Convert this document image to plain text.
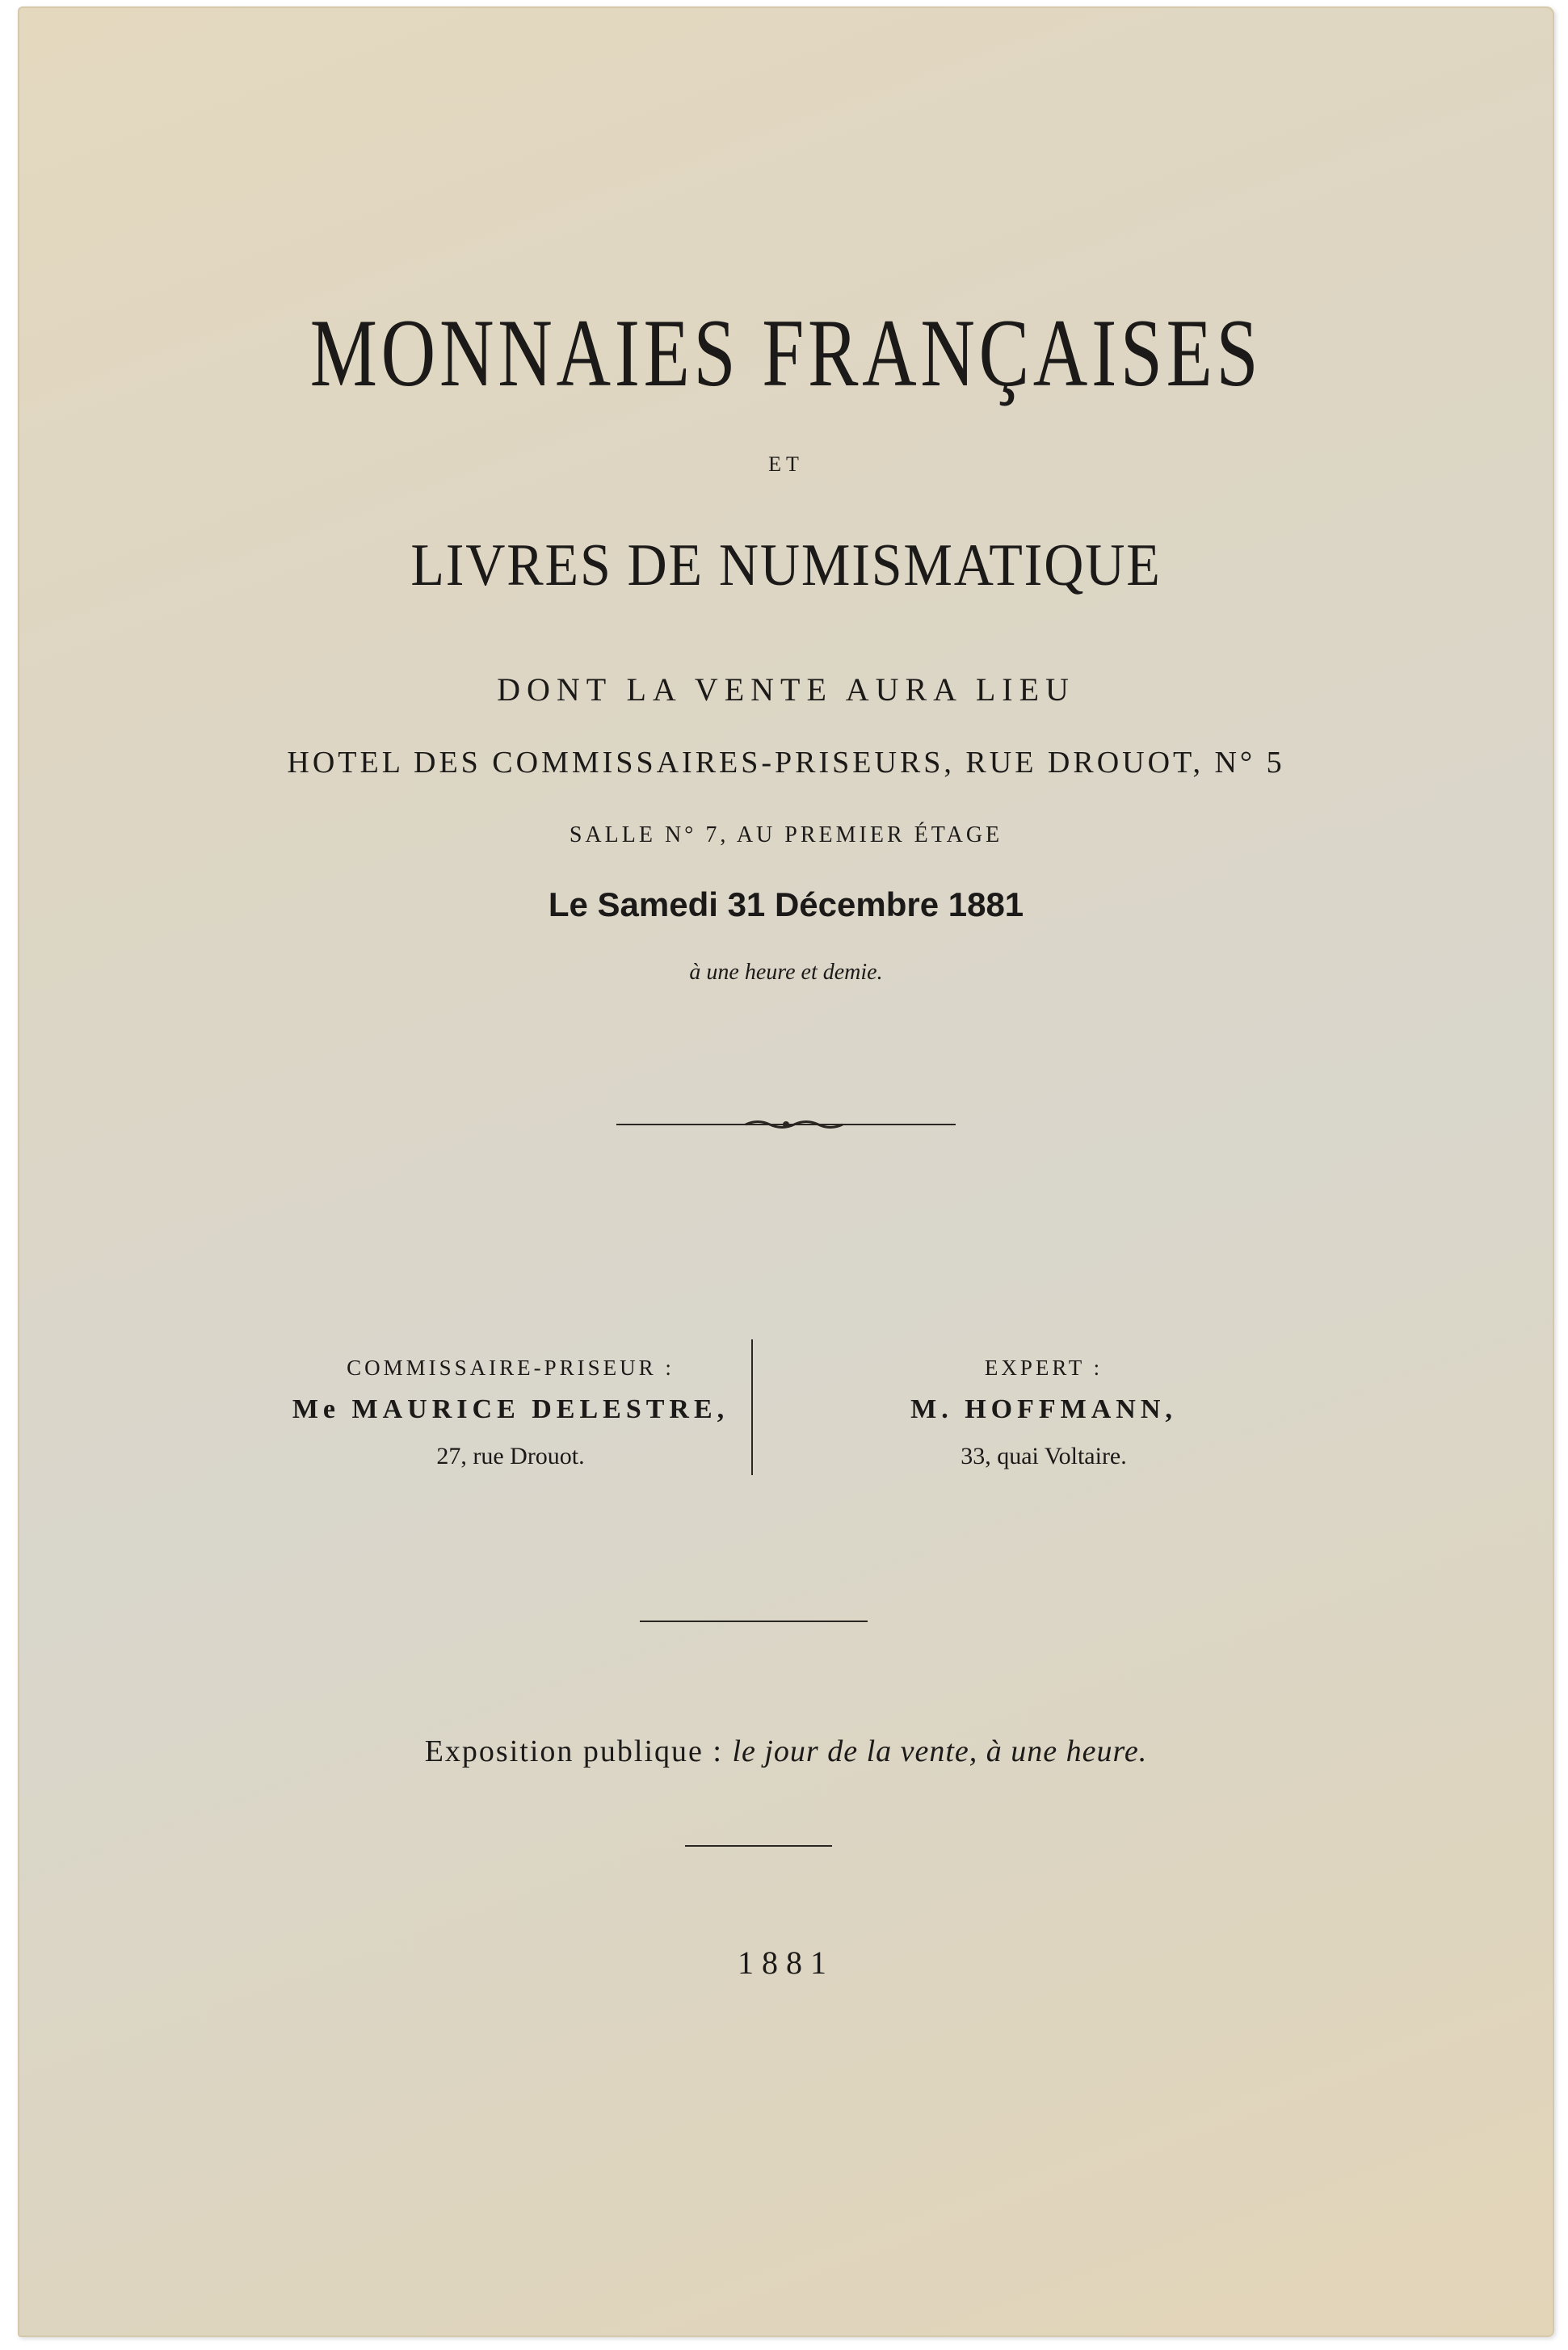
MONNAIES FRANÇAISES
ET
LIVRES DE NUMISMATIQUE
DONT LA VENTE AURA LIEU
HOTEL DES COMMISSAIRES-PRISEURS, RUE DROUOT, N° 5
SALLE N° 7, AU PREMIER ÉTAGE
Le Samedi 31 Décembre 1881
à une heure et demie.
COMMISSAIRE-PRISEUR :
Me MAURICE DELESTRE,
27, rue Drouot.
EXPERT :
M. HOFFMANN,
33, quai Voltaire.
Exposition publique : le jour de la vente, à une heure.
1881
